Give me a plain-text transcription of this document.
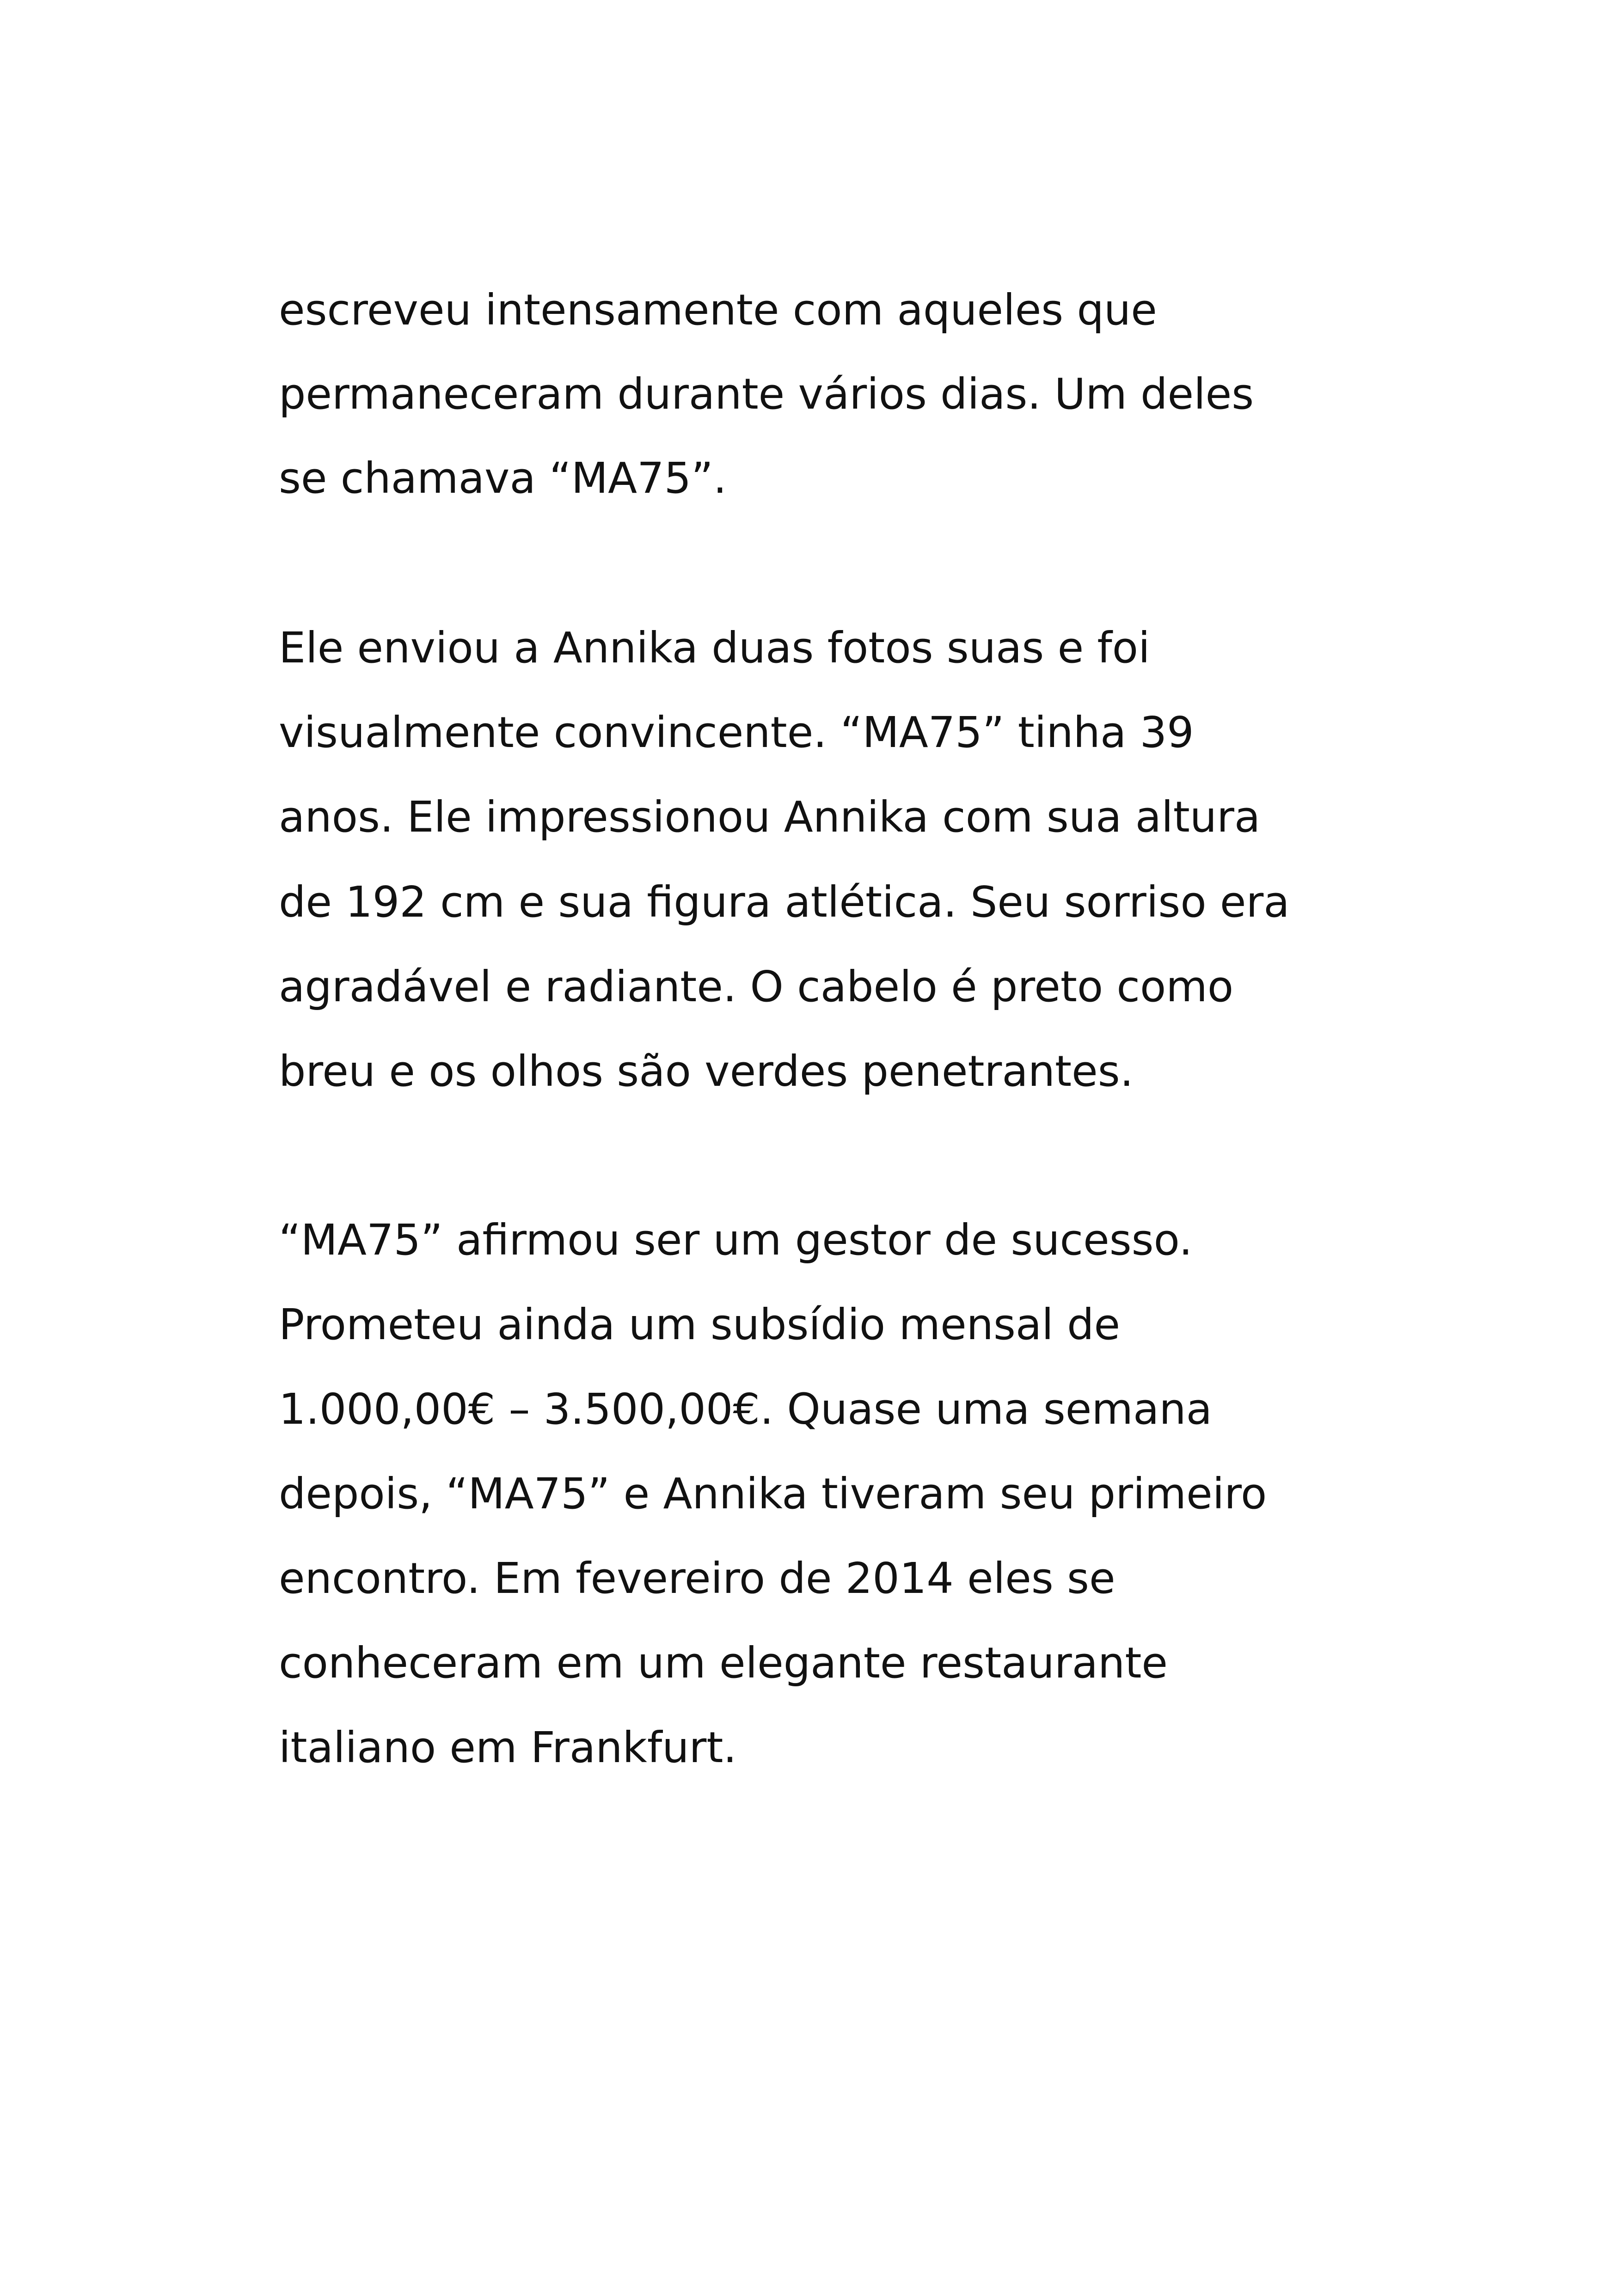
escreveu intensamente com aqueles que
permaneceram durante vários dias. Um deles
se chamava “MA75”.
Ele enviou a Annika duas fotos suas e foi
visualmente convincente. “MA75” tinha 39
anos. Ele impressionou Annika com sua altura
de 192 cm e sua figura atlética. Seu sorriso era
agradável e radiante. O cabelo é preto como
breu e os olhos são verdes penetrantes.
“MA75” afirmou ser um gestor de sucesso.
Prometeu ainda um subsídio mensal de
1.000,00€ – 3.500,00€. Quase uma semana
depois, “MA75” e Annika tiveram seu primeiro
encontro. Em fevereiro de 2014 eles se
conheceram em um elegante restaurante
italiano em Frankfurt.
